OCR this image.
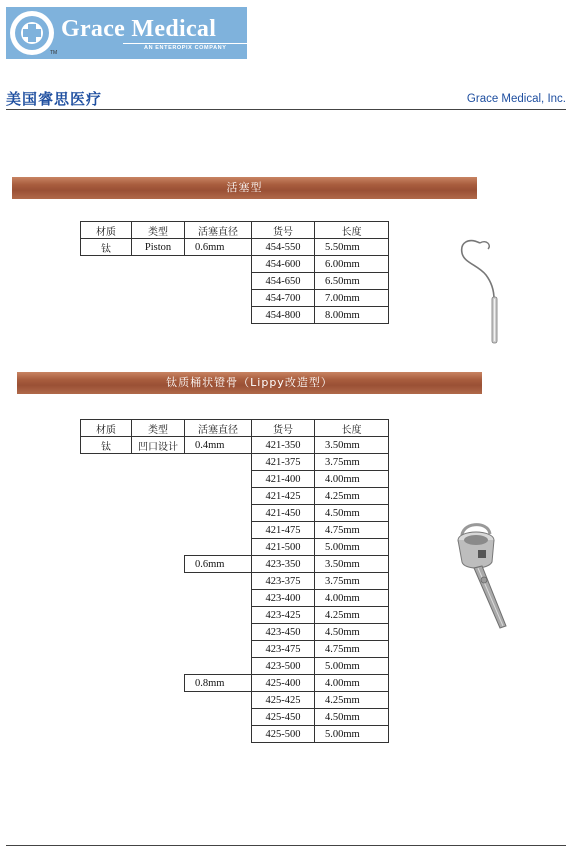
TM
Grace Medical
AN ENTEROPIX COMPANY
美国睿思医疗	Grace Medical, Inc.
活塞型
材质	类型	活塞直径	货号	长度
钛	Piston	0.6mm	454-550	5.50mm
			454-600	6.00mm
			454-650	6.50mm
			454-700	7.00mm
			454-800	8.00mm
钛质桶状镫骨（Lippy改造型）
材质	类型	活塞直径	货号	长度
钛	凹口设计	0.4mm	421-350	3.50mm
			421-375	3.75mm
			421-400	4.00mm
			421-425	4.25mm
			421-450	4.50mm
			421-475	4.75mm
			421-500	5.00mm
		0.6mm	423-350	3.50mm
			423-375	3.75mm
			423-400	4.00mm
			423-425	4.25mm
			423-450	4.50mm
			423-475	4.75mm
			423-500	5.00mm
		0.8mm	425-400	4.00mm
			425-425	4.25mm
			425-450	4.50mm
			425-500	5.00mm
